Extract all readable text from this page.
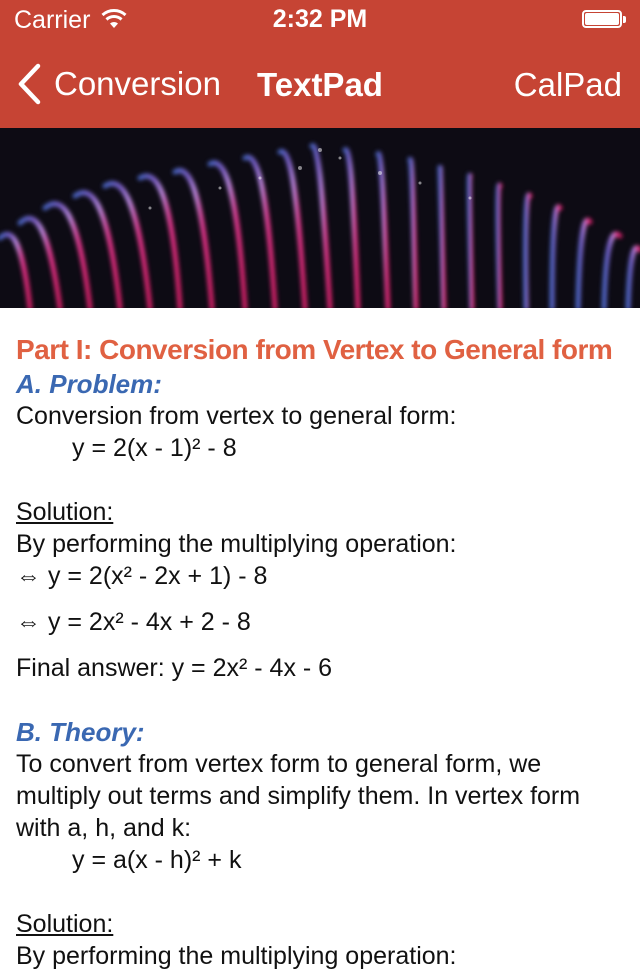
Carrier	2:32 PM
Conversion	TextPad	CalPad
Part I: Conversion from Vertex to General form
A. Problem:
Conversion from vertex to general form:
y = 2(x - 1)² - 8
Solution:
By performing the multiplying operation:
⇔ y = 2(x² - 2x + 1) - 8
⇔ y = 2x² - 4x + 2 - 8
Final answer: y = 2x² - 4x - 6
B. Theory:
To convert from vertex form to general form, we multiply out terms and simplify them. In vertex form with a, h, and k:
y = a(x - h)² + k
Solution:
By performing the multiplying operation:
